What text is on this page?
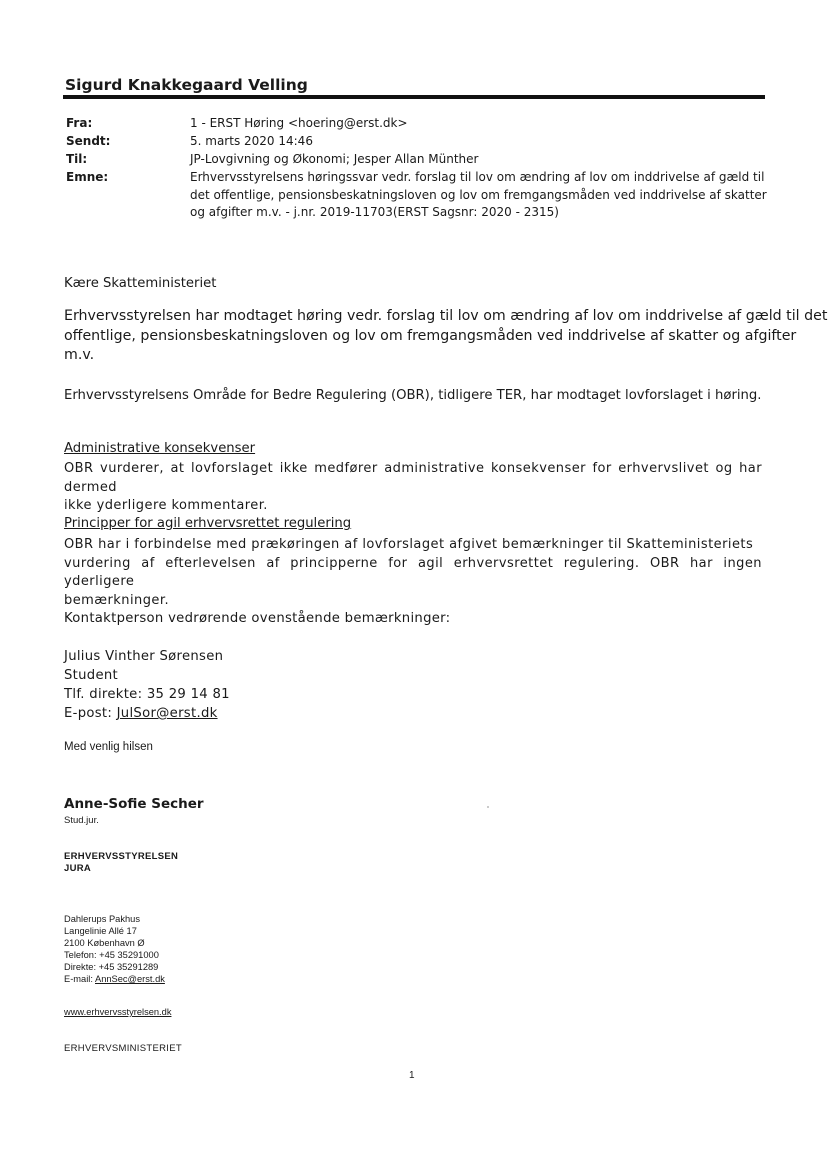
Sigurd Knakkegaard Velling
Fra:	1 - ERST Høring <hoering@erst.dk>
Sendt:	5. marts 2020 14:46
Til:	JP-Lovgivning og Økonomi; Jesper Allan Münther
Emne:	Erhvervsstyrelsens høringssvar vedr. forslag til lov om ændring af lov om inddrivelse af gæld til det offentlige, pensionsbeskatningsloven og lov om fremgangsmåden ved inddrivelse af skatter og afgifter m.v. - j.nr. 2019-11703(ERST Sagsnr: 2020 - 2315)
Kære Skatteministeriet
Erhvervsstyrelsen har modtaget høring vedr. forslag til lov om ændring af lov om inddrivelse af gæld til det
offentlige, pensionsbeskatningsloven og lov om fremgangsmåden ved inddrivelse af skatter og afgifter
m.v.
Erhvervsstyrelsens Område for Bedre Regulering (OBR), tidligere TER, har modtaget lovforslaget i høring.
Administrative konsekvenser
OBR vurderer, at lovforslaget ikke medfører administrative konsekvenser for erhvervslivet og har dermed
ikke yderligere kommentarer.
Principper for agil erhvervsrettet regulering
OBR har i forbindelse med prækøringen af lovforslaget afgivet bemærkninger til Skatteministeriets
vurdering af efterlevelsen af principperne for agil erhvervsrettet regulering. OBR har ingen yderligere
bemærkninger.
Kontaktperson vedrørende ovenstående bemærkninger:
Julius Vinther Sørensen
Student
Tlf. direkte: 35 29 14 81
E-post: JulSor@erst.dk
Med venlig hilsen
Anne-Sofie Secher
Stud.jur.
ERHVERVSSTYRELSEN
JURA
Dahlerups Pakhus
Langelinie Allé 17
2100 København Ø
Telefon: +45 35291000
Direkte: +45 35291289
E-mail: AnnSec@erst.dk
www.erhvervsstyrelsen.dk
ERHVERVSMINISTERIET
1
